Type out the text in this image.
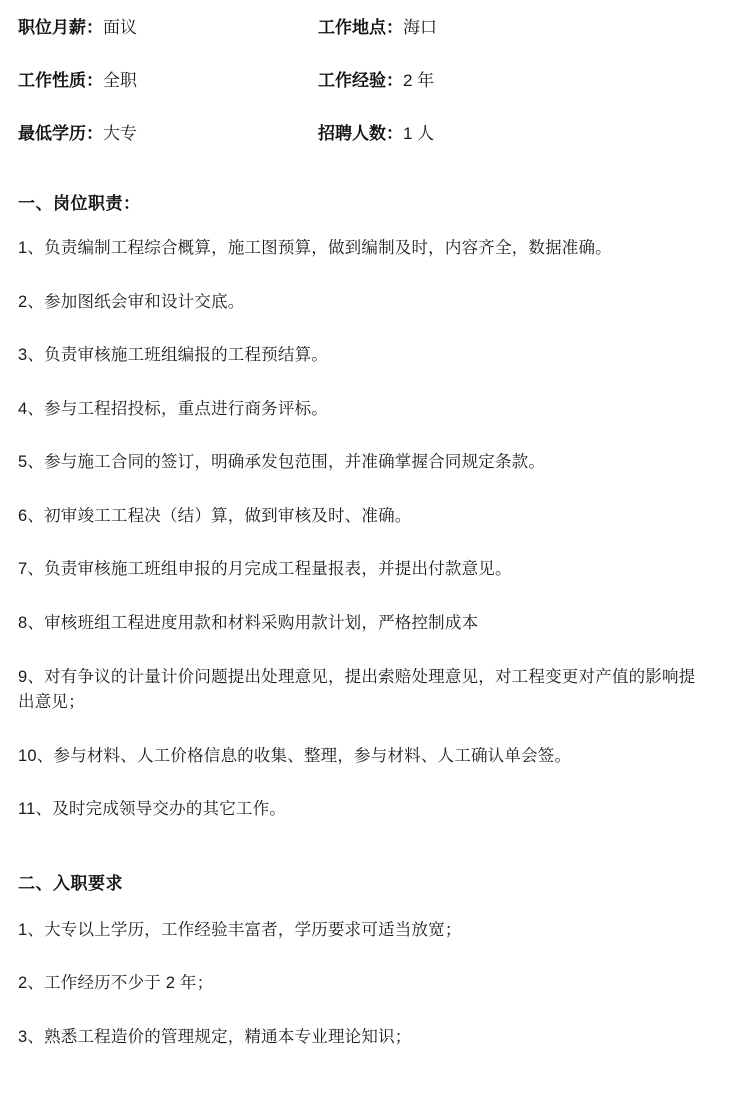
职位月薪：面议	工作地点：海口
工作性质：全职	工作经验：2 年
最低学历：大专	招聘人数：1 人
一、岗位职责：

1、负责编制工程综合概算，施工图预算，做到编制及时，内容齐全，数据准确。

2、参加图纸会审和设计交底。

3、负责审核施工班组编报的工程预结算。

4、参与工程招投标，重点进行商务评标。

5、参与施工合同的签订，明确承发包范围，并准确掌握合同规定条款。

6、初审竣工工程决（结）算，做到审核及时、准确。

7、负责审核施工班组申报的月完成工程量报表，并提出付款意见。

8、审核班组工程进度用款和材料采购用款计划，严格控制成本

9、对有争议的计量计价问题提出处理意见，提出索赔处理意见，对工程变更对产值的影响提出意见；

10、参与材料、人工价格信息的收集、整理，参与材料、人工确认单会签。

11、及时完成领导交办的其它工作。

二、入职要求

1、大专以上学历，工作经验丰富者，学历要求可适当放宽；

2、工作经历不少于 2 年；

3、熟悉工程造价的管理规定，精通本专业理论知识；
